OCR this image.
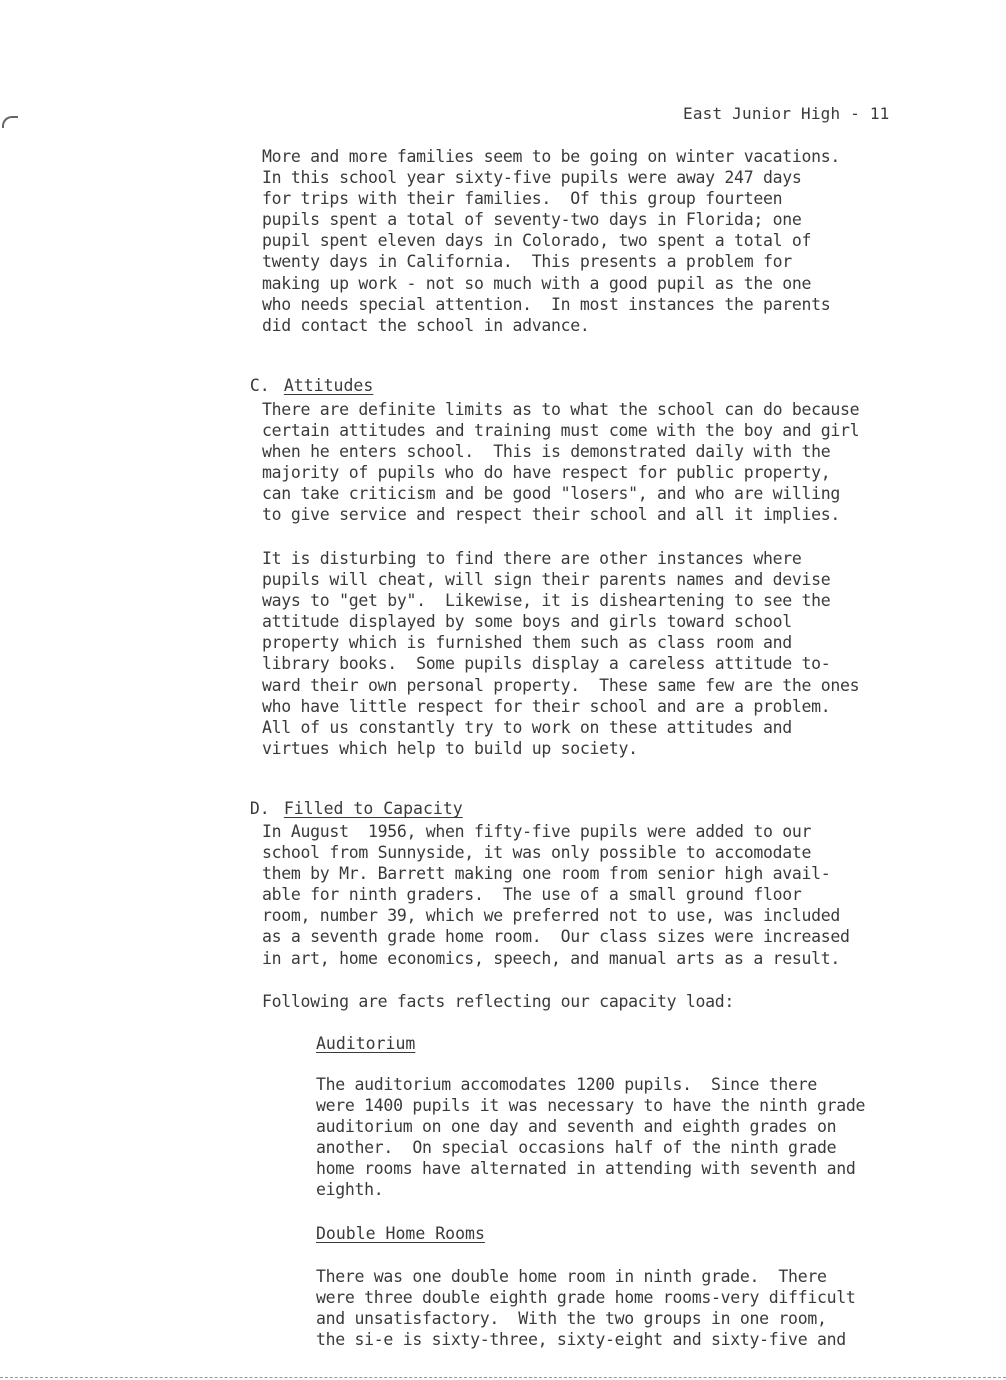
East Junior High - 11
More and more families seem to be going on winter vacations.
In this school year sixty-five pupils were away 247 days
for trips with their families.  Of this group fourteen
pupils spent a total of seventy-two days in Florida; one
pupil spent eleven days in Colorado, two spent a total of
twenty days in California.  This presents a problem for
making up work - not so much with a good pupil as the one
who needs special attention.  In most instances the parents
did contact the school in advance.

C. Attitudes

There are definite limits as to what the school can do because
certain attitudes and training must come with the boy and girl
when he enters school.  This is demonstrated daily with the
majority of pupils who do have respect for public property,
can take criticism and be good "losers", and who are willing
to give service and respect their school and all it implies.
It is disturbing to find there are other instances where
pupils will cheat, will sign their parents names and devise
ways to "get by".  Likewise, it is disheartening to see the
attitude displayed by some boys and girls toward school
property which is furnished them such as class room and
library books.  Some pupils display a careless attitude to-
ward their own personal property.  These same few are the ones
who have little respect for their school and are a problem.
All of us constantly try to work on these attitudes and
virtues which help to build up society.

D. Filled to Capacity

In August  1956, when fifty-five pupils were added to our
school from Sunnyside, it was only possible to accomodate
them by Mr. Barrett making one room from senior high avail-
able for ninth graders.  The use of a small ground floor
room, number 39, which we preferred not to use, was included
as a seventh grade home room.  Our class sizes were increased
in art, home economics, speech, and manual arts as a result.
Following are facts reflecting our capacity load:
Auditorium
The auditorium accomodates 1200 pupils.  Since there
were 1400 pupils it was necessary to have the ninth grade
auditorium on one day and seventh and eighth grades on
another.  On special occasions half of the ninth grade
home rooms have alternated in attending with seventh and
eighth.
Double Home Rooms
There was one double home room in ninth grade.  There
were three double eighth grade home rooms-very difficult
and unsatisfactory.  With the two groups in one room,
the si-e is sixty-three, sixty-eight and sixty-five and
